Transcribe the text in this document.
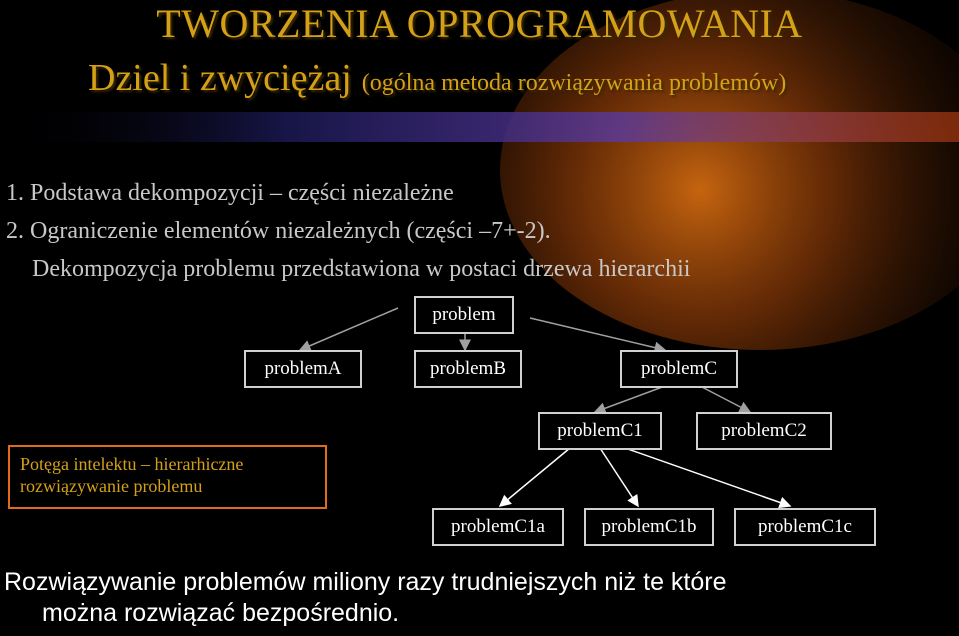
TWORZENIA OPROGRAMOWANIA
Dziel i zwyciężaj (ogólna metoda rozwiązywania problemów)
1. Podstawa dekompozycji – części niezależne
2. Ograniczenie elementów niezależnych (części –7+-2).
Dekompozycja problemu przedstawiona w postaci drzewa hierarchii
problem
problemA	problemB	problemC
problemC1	problemC2
problemC1a	problemC1b	problemC1c
Potęga intelektu – hierarhiczne
rozwiązywanie problemu
Rozwiązywanie problemów miliony razy trudniejszych niż te które
można rozwiązać bezpośrednio.
